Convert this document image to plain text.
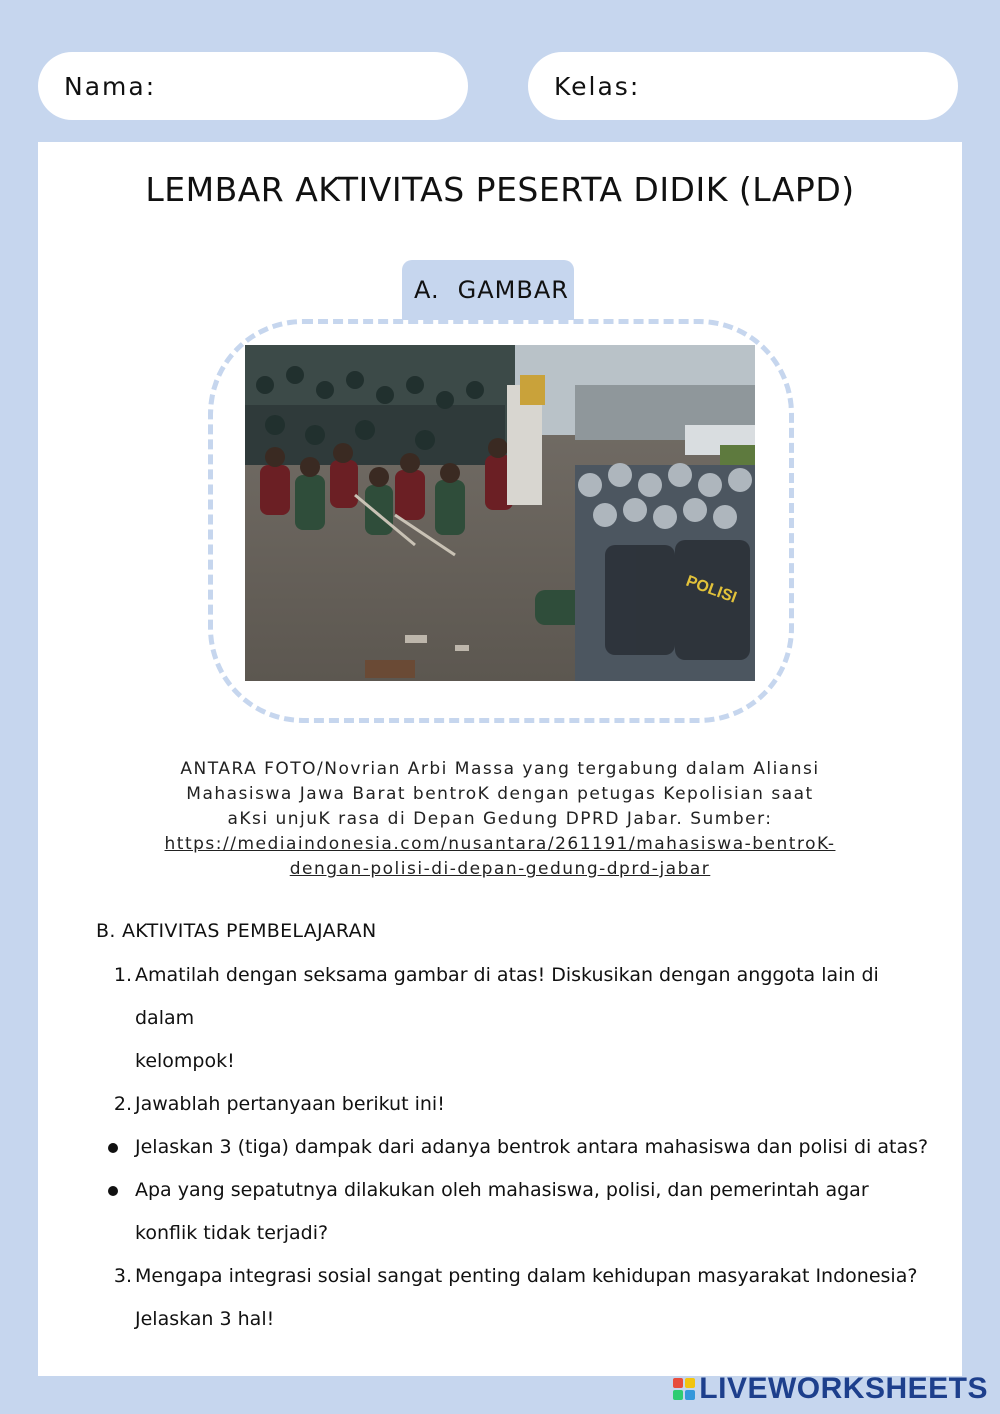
Nama:	Kelas:
LEMBAR AKTIVITAS PESERTA DIDIK (LAPD)
A. GAMBAR
POLISI
ANTARA FOTO/Novrian Arbi Massa yang tergabung dalam Aliansi
Mahasiswa Jawa Barat bentroK dengan petugas Kepolisian saat
aKsi unjuK rasa di Depan Gedung DPRD Jabar. Sumber:
https://mediaindonesia.com/nusantara/261191/mahasiswa-bentroK-
dengan-polisi-di-depan-gedung-dprd-jabar
B. AKTIVITAS PEMBELAJARAN
1. Amatilah dengan seksama gambar di atas! Diskusikan dengan anggota lain di dalam
kelompok!
2. Jawablah pertanyaan berikut ini!
Jelaskan 3 (tiga) dampak dari adanya bentrok antara mahasiswa dan polisi di atas?
Apa yang sepatutnya dilakukan oleh mahasiswa, polisi, dan pemerintah agar
konflik tidak terjadi?
3. Mengapa integrasi sosial sangat penting dalam kehidupan masyarakat Indonesia?
Jelaskan 3 hal!
LIVEWORKSHEETS
